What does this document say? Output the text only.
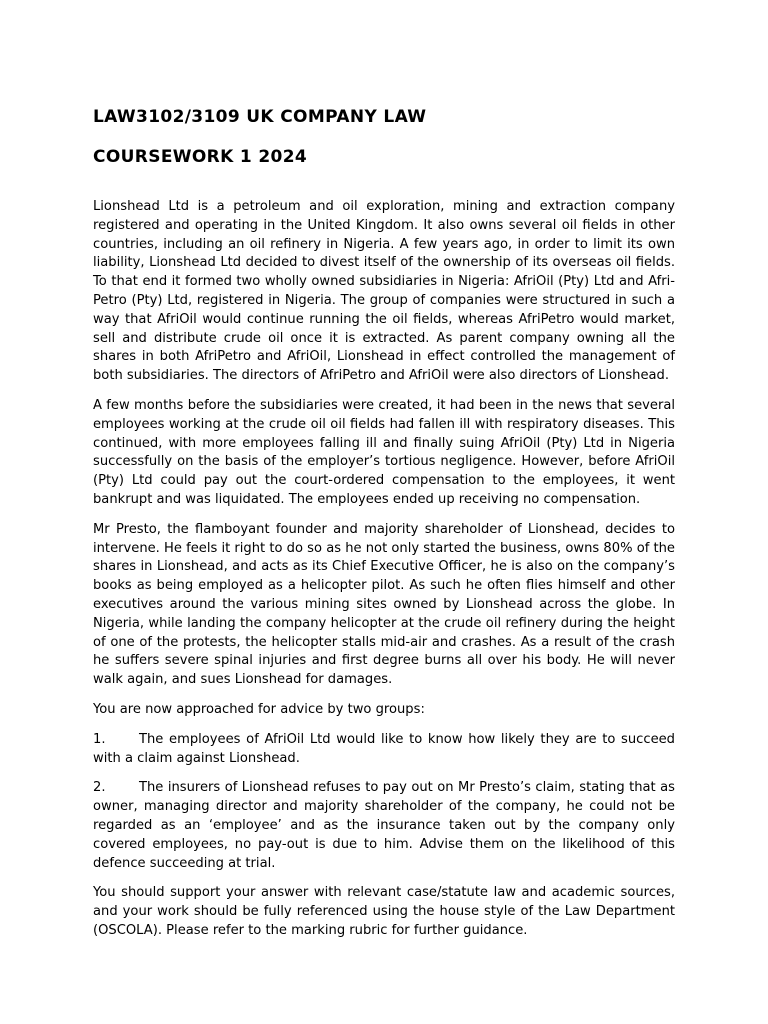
LAW3102/3109 UK COMPANY LAW
COURSEWORK 1 2024

Lionshead Ltd is a petroleum and oil exploration, mining and extraction company registered and operating in the United Kingdom. It also owns several oil fields in other countries, including an oil refinery in Nigeria. A few years ago, in order to limit its own liability, Lionshead Ltd decided to divest itself of the ownership of its overseas oil fields. To that end it formed two wholly owned subsidiaries in Nigeria: AfriOil (Pty) Ltd and Afri-Petro (Pty) Ltd, registered in Nigeria. The group of companies were structured in such a way that AfriOil would continue running the oil fields, whereas AfriPetro would market, sell and distribute crude oil once it is extracted. As parent company owning all the shares in both AfriPetro and AfriOil, Lionshead in effect controlled the management of both subsidiaries. The directors of AfriPetro and AfriOil were also directors of Lionshead.

A few months before the subsidiaries were created, it had been in the news that several employees working at the crude oil oil fields had fallen ill with respiratory diseases. This continued, with more employees falling ill and finally suing AfriOil (Pty) Ltd in Nigeria successfully on the basis of the employer’s tortious negligence. However, before AfriOil (Pty) Ltd could pay out the court-ordered compensation to the employees, it went bankrupt and was liquidated. The employees ended up receiving no compensation.

Mr Presto, the flamboyant founder and majority shareholder of Lionshead, decides to intervene. He feels it right to do so as he not only started the business, owns 80% of the shares in Lionshead, and acts as its Chief Executive Officer, he is also on the company’s books as being employed as a helicopter pilot. As such he often flies himself and other executives around the various mining sites owned by Lionshead across the globe. In Nigeria, while landing the company helicopter at the crude oil refinery during the height of one of the protests, the helicopter stalls mid-air and crashes. As a result of the crash he suffers severe spinal injuries and first degree burns all over his body. He will never walk again, and sues Lionshead for damages.

You are now approached for advice by two groups:

1.	The employees of AfriOil Ltd would like to know how likely they are to succeed with a claim against Lionshead.

2.	The insurers of Lionshead refuses to pay out on Mr Presto’s claim, stating that as owner, managing director and majority shareholder of the company, he could not be regarded as an ‘employee’ and as the insurance taken out by the company only covered employees, no pay-out is due to him. Advise them on the likelihood of this defence succeeding at trial.

You should support your answer with relevant case/statute law and academic sources, and your work should be fully referenced using the house style of the Law Department (OSCOLA). Please refer to the marking rubric for further guidance.
